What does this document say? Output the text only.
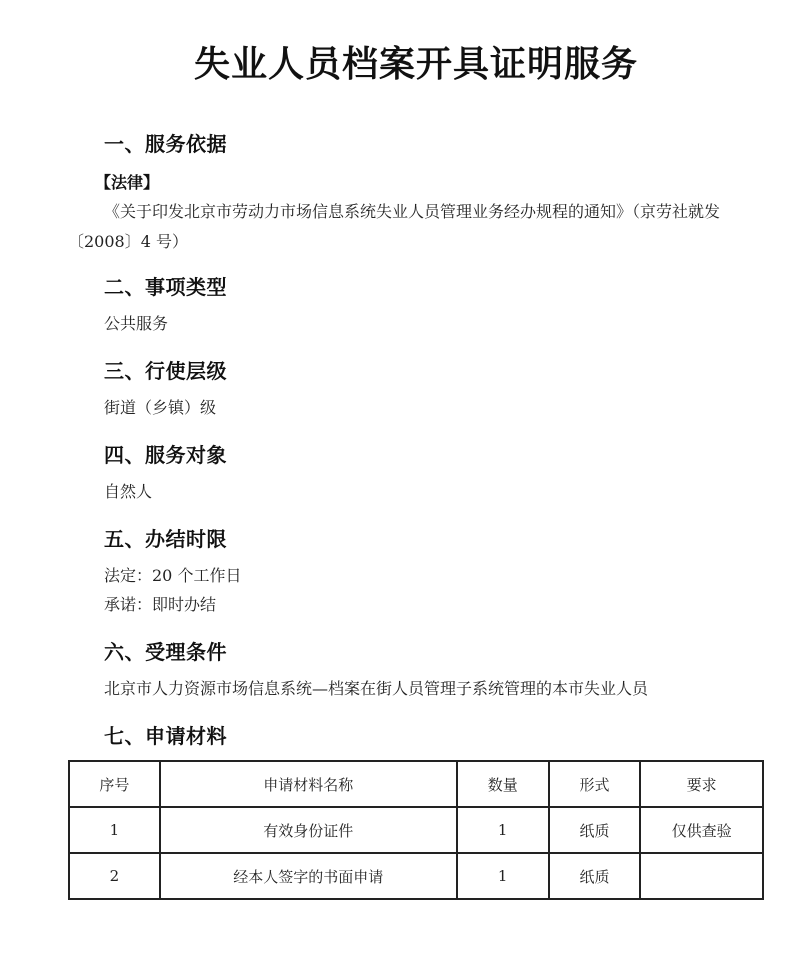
失业人员档案开具证明服务
一、服务依据
【法律】
《关于印发北京市劳动力市场信息系统失业人员管理业务经办规程的通知》（京劳社就发〔2008〕4 号）
二、事项类型
公共服务
三、行使层级
街道（乡镇）级
四、服务对象
自然人
五、办结时限
法定：20 个工作日
承诺：即时办结
六、受理条件
北京市人力资源市场信息系统—档案在街人员管理子系统管理的本市失业人员
七、申请材料
序号	申请材料名称	数量	形式	要求
1	有效身份证件	1	纸质	仅供查验
2	经本人签字的书面申请	1	纸质	
